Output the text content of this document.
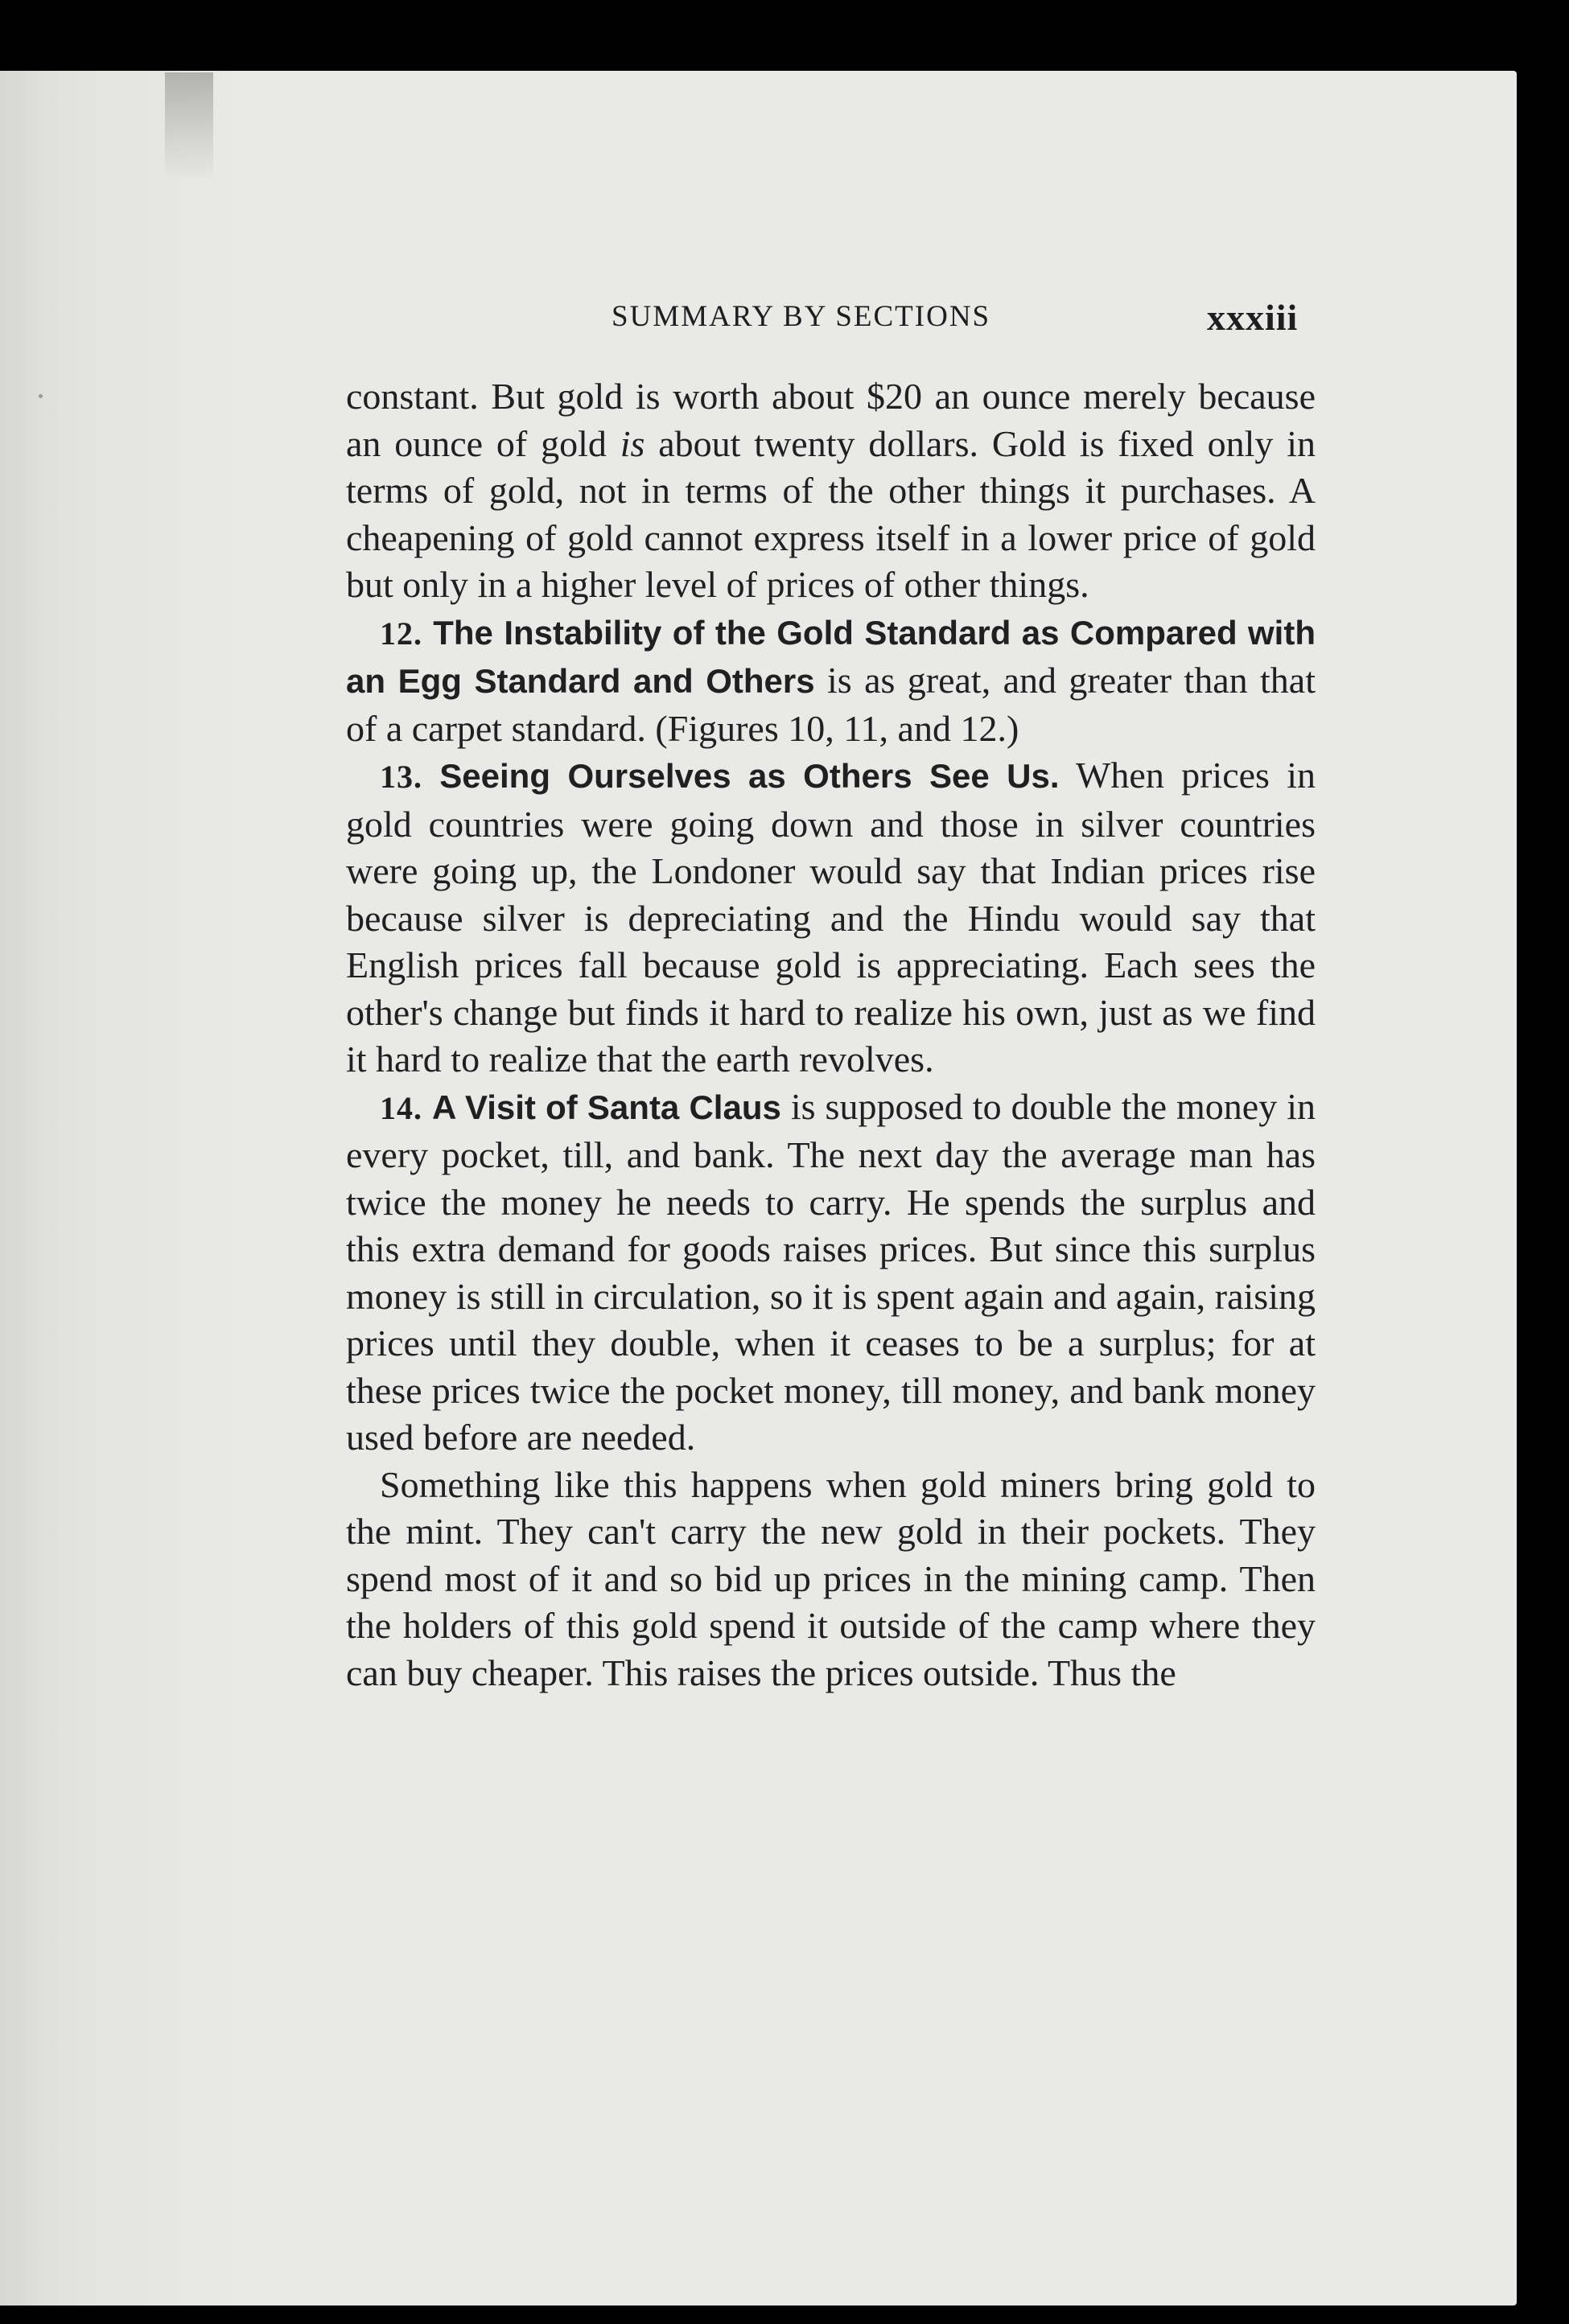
SUMMARY BY SECTIONS	xxxiii

constant. But gold is worth about $20 an ounce merely because an ounce of gold is about twenty dollars. Gold is fixed only in terms of gold, not in terms of the other things it purchases. A cheapening of gold cannot express itself in a lower price of gold but only in a higher level of prices of other things.

12. The Instability of the Gold Standard as Compared with an Egg Standard and Others is as great, and greater than that of a carpet standard. (Figures 10, 11, and 12.)

13. Seeing Ourselves as Others See Us. When prices in gold countries were going down and those in silver countries were going up, the Londoner would say that Indian prices rise because silver is depreciating and the Hindu would say that English prices fall because gold is appreciating. Each sees the other's change but finds it hard to realize his own, just as we find it hard to realize that the earth revolves.

14. A Visit of Santa Claus is supposed to double the money in every pocket, till, and bank. The next day the average man has twice the money he needs to carry. He spends the surplus and this extra demand for goods raises prices. But since this surplus money is still in circulation, so it is spent again and again, raising prices until they double, when it ceases to be a surplus; for at these prices twice the pocket money, till money, and bank money used before are needed.

Something like this happens when gold miners bring gold to the mint. They can't carry the new gold in their pockets. They spend most of it and so bid up prices in the mining camp. Then the holders of this gold spend it outside of the camp where they can buy cheaper. This raises the prices outside. Thus the
